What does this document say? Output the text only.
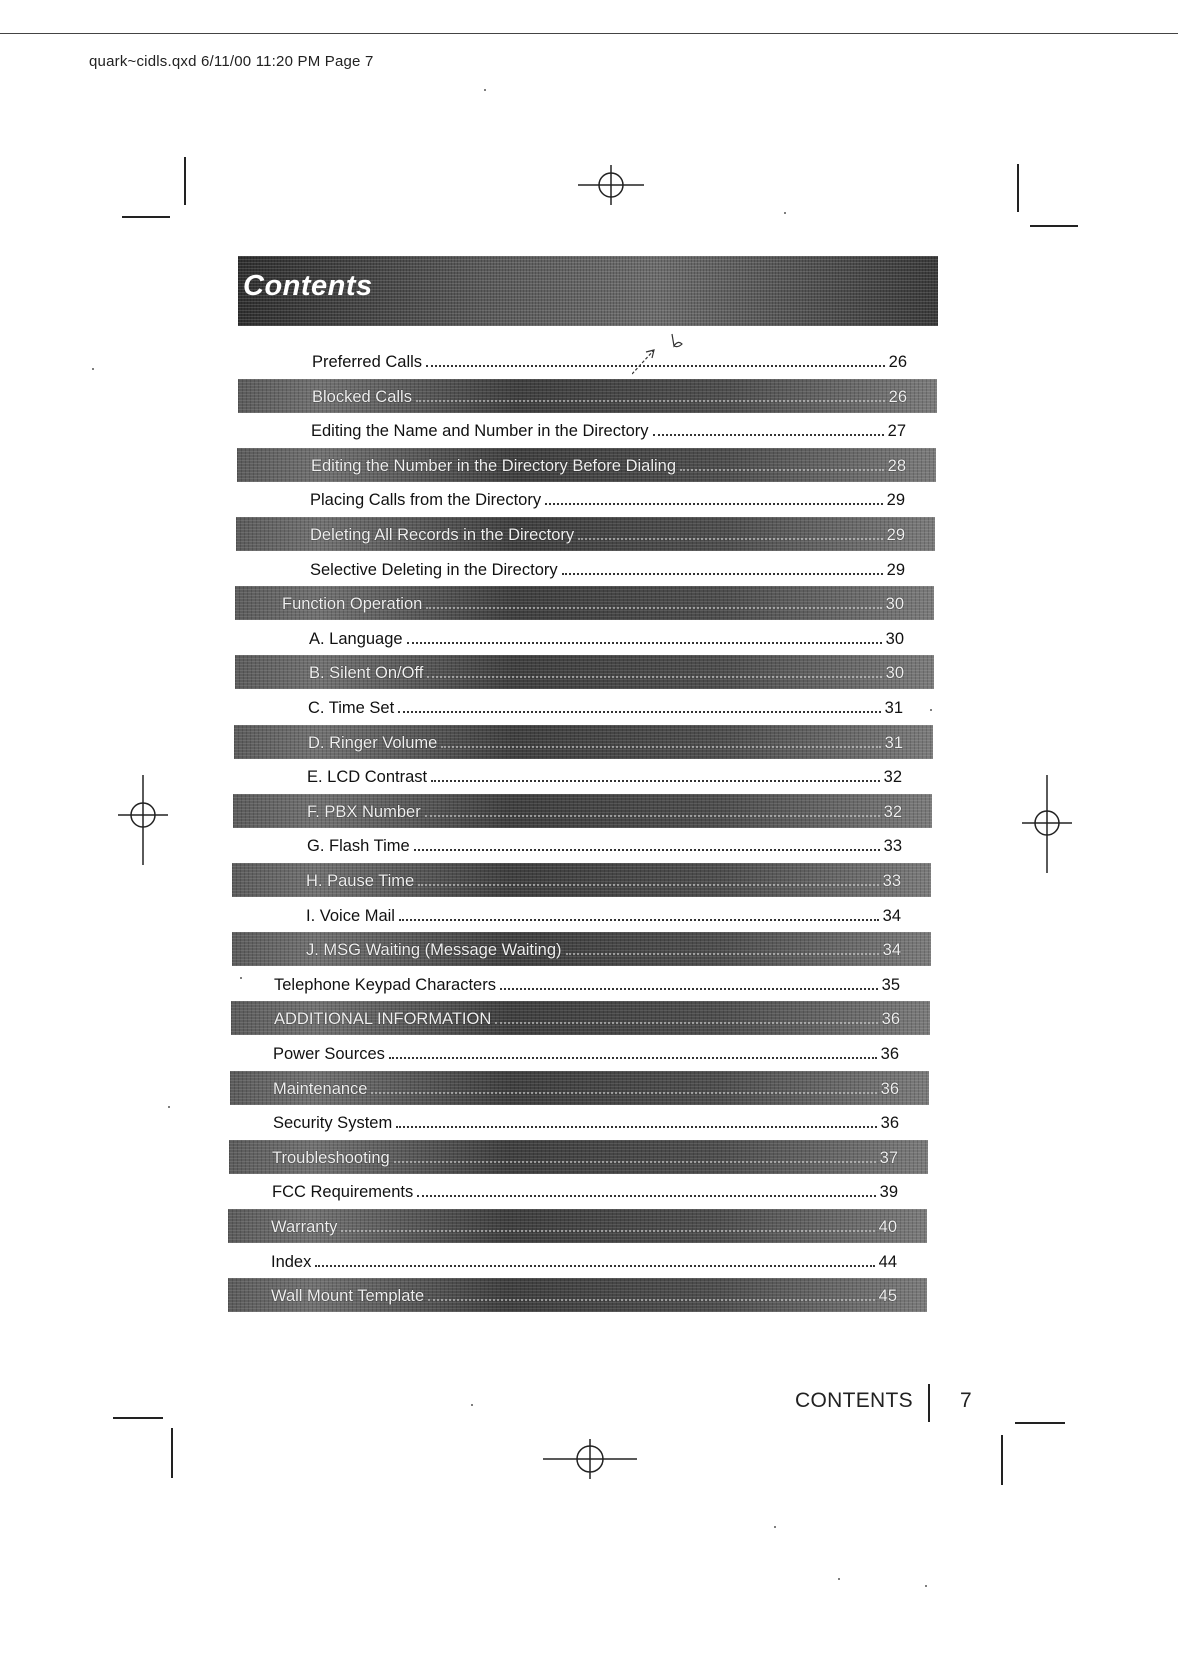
quark~cidls.qxd 6/11/00 11:20 PM Page 7
Contents
Preferred Calls	26
Blocked Calls	26
Editing the Name and Number in the Directory	27
Editing the Number in the Directory Before Dialing	28
Placing Calls from the Directory	29
Deleting All Records in the Directory	29
Selective Deleting in the Directory	29
Function Operation	30
A. Language	30
B. Silent On/Off	30
C. Time Set	31
D. Ringer Volume	31
E. LCD Contrast	32
F. PBX Number	32
G. Flash Time	33
H. Pause Time	33
I. Voice Mail	34
J. MSG Waiting (Message Waiting)	34
Telephone Keypad Characters	35
ADDITIONAL INFORMATION	36
Power Sources	36
Maintenance	36
Security System	36
Troubleshooting	37
FCC Requirements	39
Warranty	40
Index	44
Wall Mount Template	45
CONTENTS 7
